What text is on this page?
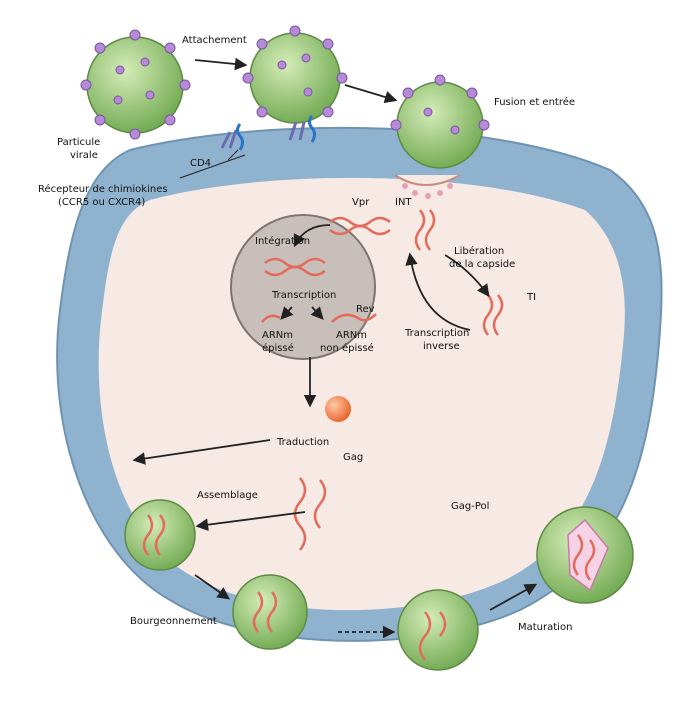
Attachement
Particule
virale
Fusion et entrée
CD4
Récepteur de chimiokines
(CCR5 ou CXCR4)	Vpr	INT
Intégration
Transcription
Rev
ARNm
épissé
ARNm
non épissé
Libération
de la capside
TI
Transcription
inverse
Traduction
Gag
Gag-Pol
Assemblage
Bourgeonnement
Maturation
